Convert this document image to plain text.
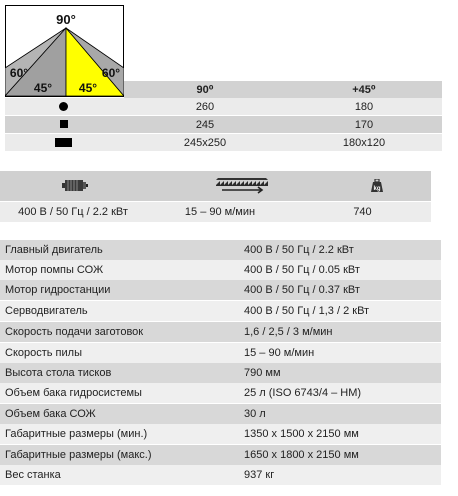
90°
60°
45° 45°
60°
90⁰	+45⁰
260	180
245	170
245x250	180x120
kg
400 В / 50 Гц / 2.2 кВт	15 – 90 м/мин	740
Главный двигатель	400 В / 50 Гц / 2.2 кВт
Мотор помпы СОЖ	400 В / 50 Гц / 0.05 кВт
Мотор гидростанции	400 В / 50 Гц / 0.37 кВт
Серводвигатель	400 В / 50 Гц / 1,3 / 2 кВт
Скорость подачи заготовок	1,6 / 2,5 / 3 м/мин
Скорость пилы	15 – 90 м/мин
Высота стола тисков	790 мм
Объем бака гидросистемы	25 л (ISO 6743/4 – HM)
Объем бака СОЖ	30 л
Габаритные размеры (мин.)	1350 х 1500 х 2150 мм
Габаритные размеры (макс.)	1650 х 1800 х 2150 мм
Вес станка	937 кг
